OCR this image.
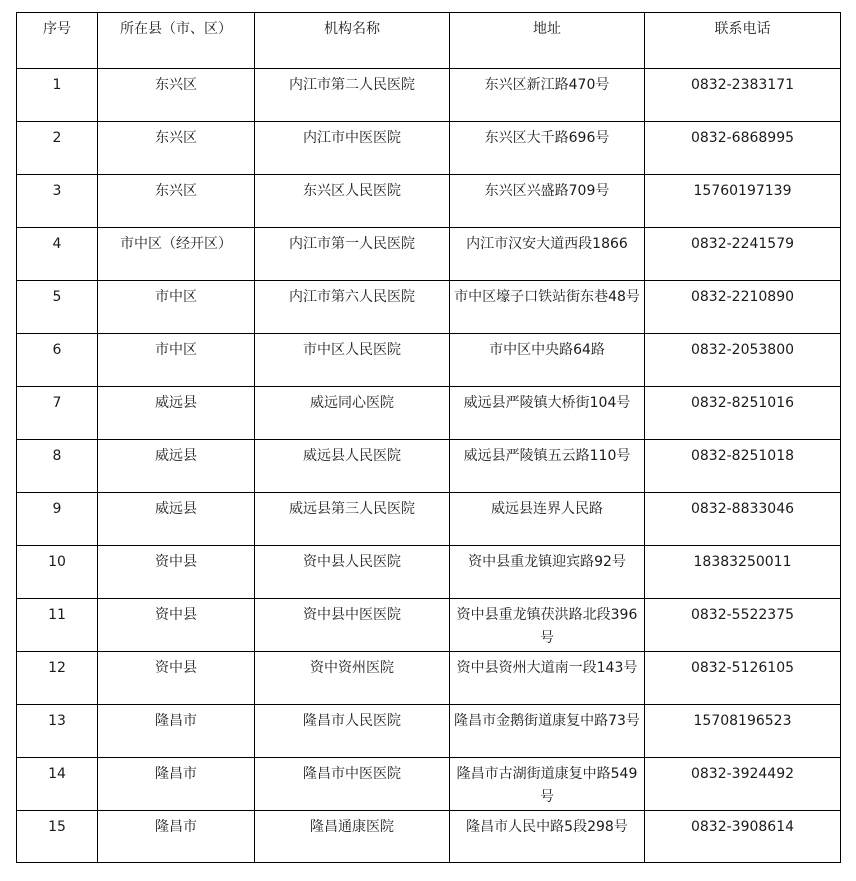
序号	所在县（市、区）	机构名称	地址	联系电话
1	东兴区	内江市第二人民医院	东兴区新江路470号	0832-2383171
2	东兴区	内江市中医医院	东兴区大千路696号	0832-6868995
3	东兴区	东兴区人民医院	东兴区兴盛路709号	15760197139
4	市中区（经开区）	内江市第一人民医院	内江市汉安大道西段1866	0832-2241579
5	市中区	内江市第六人民医院	市中区壕子口铁站街东巷48号	0832-2210890
6	市中区	市中区人民医院	市中区中央路64路	0832-2053800
7	威远县	威远同心医院	威远县严陵镇大桥街104号	0832-8251016
8	威远县	威远县人民医院	威远县严陵镇五云路110号	0832-8251018
9	威远县	威远县第三人民医院	威远县连界人民路	0832-8833046
10	资中县	资中县人民医院	资中县重龙镇迎宾路92号	18383250011
11	资中县	资中县中医医院	资中县重龙镇茯洪路北段396号	0832-5522375
12	资中县	资中资州医院	资中县资州大道南一段143号	0832-5126105
13	隆昌市	隆昌市人民医院	隆昌市金鹅街道康复中路73号	15708196523
14	隆昌市	隆昌市中医医院	隆昌市古湖街道康复中路549号	0832-3924492
15	隆昌市	隆昌通康医院	隆昌市人民中路5段298号	0832-3908614
